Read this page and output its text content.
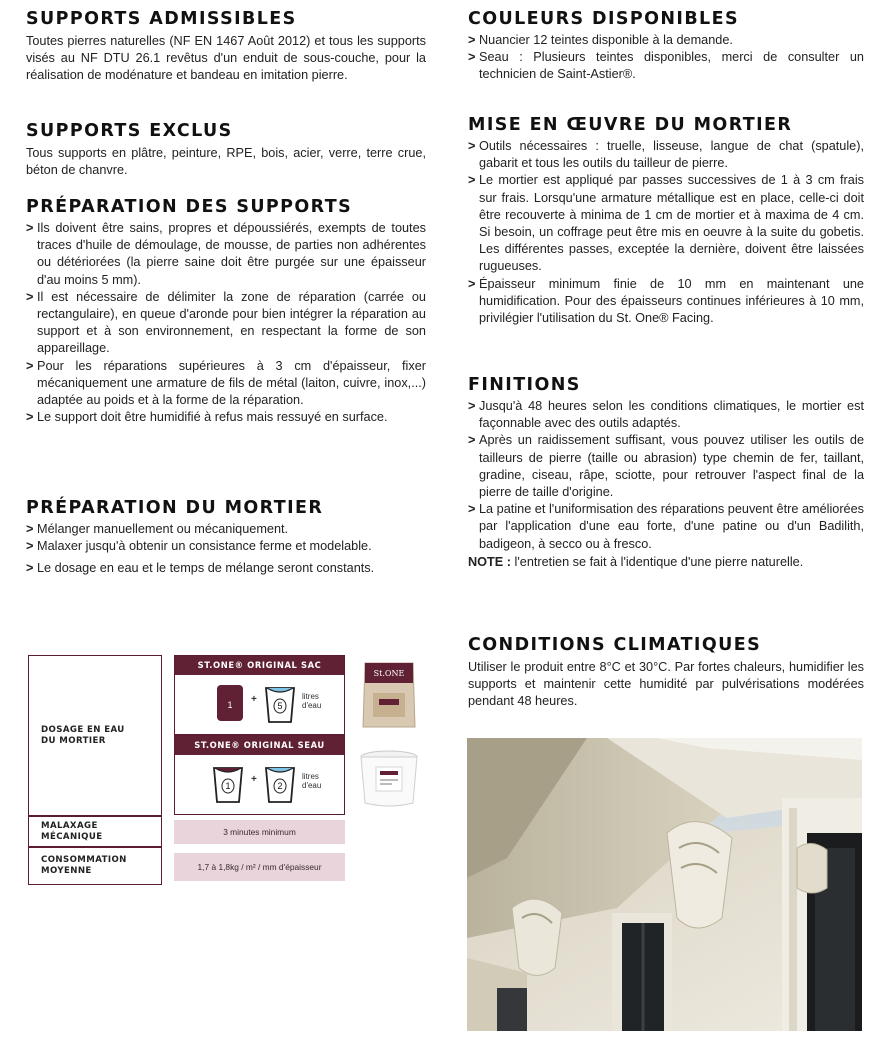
SUPPORTS ADMISSIBLES

Toutes pierres naturelles (NF EN 1467 Août 2012) et tous les supports visés au NF DTU 26.1 revêtus d'un enduit de sous-couche, pour la réalisation de modénature et bandeau en imitation pierre.

SUPPORTS EXCLUS

Tous supports en plâtre, peinture, RPE, bois, acier, verre, terre crue, béton de chanvre.

PRÉPARATION DES SUPPORTS
> Ils doivent être sains, propres et dépoussiérés, exempts de toutes traces d'huile de démoulage, de mousse, de parties non adhérentes ou détériorées (la pierre saine doit être purgée sur une épaisseur d'au moins 5 mm).
> Il est nécessaire de délimiter la zone de réparation (carrée ou rectangulaire), en queue d'aronde pour bien intégrer la réparation au support et à son environnement, en respectant la forme de son appareillage.
> Pour les réparations supérieures à 3 cm d'épaisseur, fixer mécaniquement une armature de fils de métal (laiton, cuivre, inox,...) adaptée au poids et à la forme de la réparation.
> Le support doit être humidifié à refus mais ressuyé en surface.
PRÉPARATION DU MORTIER
> Mélanger manuellement ou mécaniquement.
> Malaxer jusqu'à obtenir un consistance ferme et modelable.
> Le dosage en eau et le temps de mélange seront constants.
COULEURS DISPONIBLES
> Nuancier 12 teintes disponible à la demande.
> Seau : Plusieurs teintes disponibles, merci de consulter un technicien de Saint-Astier®.
MISE EN ŒUVRE DU MORTIER
> Outils nécessaires : truelle, lisseuse, langue de chat (spatule), gabarit et tous les outils du tailleur de pierre.
> Le mortier est appliqué par passes successives de 1 à 3 cm frais sur frais. Lorsqu'une armature métallique est en place, celle-ci doit être recouverte à minima de 1 cm de mortier et à maxima de 4 cm. Si besoin, un coffrage peut être mis en oeuvre à la suite du gobetis. Les différentes passes, exceptée la dernière, doivent être laissées rugueuses.
> Épaisseur minimum finie de 10 mm en maintenant une humidification. Pour des épaisseurs continues inférieures à 10 mm, privilégier l'utilisation du St. One® Facing.
FINITIONS
> Jusqu'à 48 heures selon les conditions climatiques, le mortier est façonnable avec des outils adaptés.
> Après un raidissement suffisant, vous pouvez utiliser les outils de tailleurs de pierre (taille ou abrasion) type chemin de fer, taillant, gradine, ciseau, râpe, sciotte, pour retrouver l'aspect final de la pierre de taille d'origine.
> La patine et l'uniformisation des réparations peuvent être améliorées par l'application d'une eau forte, d'une patine ou d'un Badilith, badigeon, à secco ou à fresco.

NOTE : l'entretien se fait à l'identique d'une pierre naturelle.

CONDITIONS CLIMATIQUES

Utiliser le produit entre 8°C et 30°C. Par fortes chaleurs, humidifier les supports et maintenir cette humidité par pulvérisations modérées pendant 48 heures.

DOSAGE EN EAU
DU MORTIER
MALAXAGE
MÉCANIQUE
CONSOMMATION
MOYENNE
ST.ONE® ORIGINAL SAC
1 +
5
litres
d'eau
ST.ONE® ORIGINAL SEAU
1
+
2
litres
d'eau
3 minutes minimum
1,7 à 1,8kg / m² / mm d'épaisseur
St.ONE
